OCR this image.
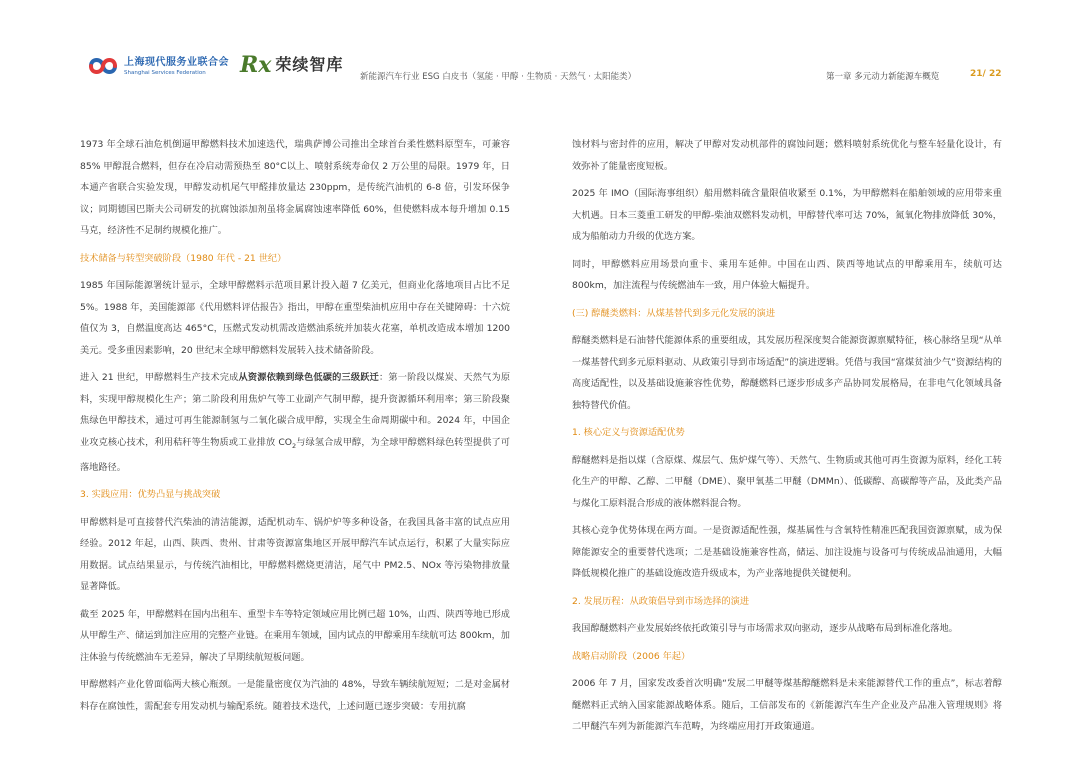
上海现代服务业联合会
Shanghai Services Federation	Rx 荣续智库
新能源汽车行业 ESG 白皮书（氢能 · 甲醇 · 生物质 · 天然气 · 太阳能类）	第一章 多元动力新能源车概览	21/ 22

1973 年全球石油危机倒逼甲醇燃料技术加速迭代，瑞典萨博公司推出全球首台柔性燃料原型车，可兼容 85% 甲醇混合燃料，但存在冷启动需预热至 80°C以上、喷射系统寿命仅 2 万公里的局限。1979 年，日本通产省联合实验发现，甲醇发动机尾气甲醛排放量达 230ppm，是传统汽油机的 6-8 倍，引发环保争议；同期德国巴斯夫公司研发的抗腐蚀添加剂虽将金属腐蚀速率降低 60%，但使燃料成本每升增加 0.15 马克，经济性不足制约规模化推广。

技术储备与转型突破阶段（1980 年代 - 21 世纪）

1985 年国际能源署统计显示，全球甲醇燃料示范项目累计投入超 7 亿美元，但商业化落地项目占比不足 5%。1988 年，美国能源部《代用燃料评估报告》指出，甲醇在重型柴油机应用中存在关键障碍：十六烷值仅为 3，自燃温度高达 465°C，压燃式发动机需改造燃油系统并加装火花塞，单机改造成本增加 1200 美元。受多重因素影响，20 世纪末全球甲醇燃料发展转入技术储备阶段。

进入 21 世纪，甲醇燃料生产技术完成从资源依赖到绿色低碳的三级跃迁：第一阶段以煤炭、天然气为原料，实现甲醇规模化生产；第二阶段利用焦炉气等工业副产气制甲醇，提升资源循环利用率；第三阶段聚焦绿色甲醇技术，通过可再生能源制氢与二氧化碳合成甲醇，实现全生命周期碳中和。2024 年，中国企业攻克核心技术，利用秸秆等生物质或工业排放 $CO_2$与绿氢合成甲醇，为全球甲醇燃料绿色转型提供了可落地路径。

3. 实践应用：优势凸显与挑战突破

甲醇燃料是可直接替代汽柴油的清洁能源，适配机动车、锅炉炉等多种设备，在我国具备丰富的试点应用经验。2012 年起，山西、陕西、贵州、甘肃等资源富集地区开展甲醇汽车试点运行，积累了大量实际应用数据。试点结果显示，与传统汽油相比，甲醇燃料燃烧更清洁，尾气中 PM2.5、NOx 等污染物排放量显著降低。

截至 2025 年，甲醇燃料在国内出租车、重型卡车等特定领域应用比例已超 10%，山西、陕西等地已形成从甲醇生产、储运到加注应用的完整产业链。在乘用车领域，国内试点的甲醇乘用车续航可达 800km，加注体验与传统燃油车无差异，解决了早期续航短板问题。

甲醇燃料产业化曾面临两大核心瓶颈。一是能量密度仅为汽油的 48%，导致车辆续航短短；二是对金属材料存在腐蚀性，需配套专用发动机与输配系统。随着技术迭代，上述问题已逐步突破：专用抗腐

蚀材料与密封件的应用，解决了甲醇对发动机部件的腐蚀问题；燃料喷射系统优化与整车轻量化设计，有效弥补了能量密度短板。

2025 年 IMO（国际海事组织）船用燃料硫含量限值收紧至 0.1%，为甲醇燃料在船舶领域的应用带来重大机遇。日本三菱重工研发的甲醇-柴油双燃料发动机，甲醇替代率可达 70%，氮氧化物排放降低 30%，成为船舶动力升级的优选方案。

同时，甲醇燃料应用场景向重卡、乘用车延伸。中国在山西、陕西等地试点的甲醇乘用车，续航可达 800km，加注流程与传统燃油车一致，用户体验大幅提升。

(三) 醇醚类燃料：从煤基替代到多元化发展的演进

醇醚类燃料是石油替代能源体系的重要组成，其发展历程深度契合能源资源禀赋特征，核心脉络呈现“从单一煤基替代到多元原料驱动、从政策引导到市场适配”的演进逻辑。凭借与我国“富煤贫油少气”资源结构的高度适配性，以及基础设施兼容性优势，醇醚燃料已逐步形成多产品协同发展格局，在非电气化领域具备独特替代价值。

1. 核心定义与资源适配优势

醇醚燃料是指以煤（含原煤、煤层气、焦炉煤气等）、天然气、生物质或其他可再生资源为原料，经化工转化生产的甲醇、乙醇、二甲醚（DME）、聚甲氧基二甲醚（DMMn）、低碳醇、高碳醇等产品，及此类产品与煤化工原料混合形成的液体燃料混合物。

其核心竞争优势体现在两方面。一是资源适配性强，煤基属性与含氧特性精准匹配我国资源禀赋，成为保障能源安全的重要替代选项；二是基础设施兼容性高，储运、加注设施与设备可与传统成品油通用，大幅降低规模化推广的基础设施改造升级成本，为产业落地提供关键便利。

2. 发展历程：从政策倡导到市场选择的演进

我国醇醚燃料产业发展始终依托政策引导与市场需求双向驱动，逐步从战略布局到标准化落地。

战略启动阶段（2006 年起）

2006 年 7 月，国家发改委首次明确“发展二甲醚等煤基醇醚燃料是未来能源替代工作的重点”，标志着醇醚燃料正式纳入国家能源战略体系。随后，工信部发布的《新能源汽车生产企业及产品准入管理规则》将二甲醚汽车列为新能源汽车范畴，为终端应用打开政策通道。
